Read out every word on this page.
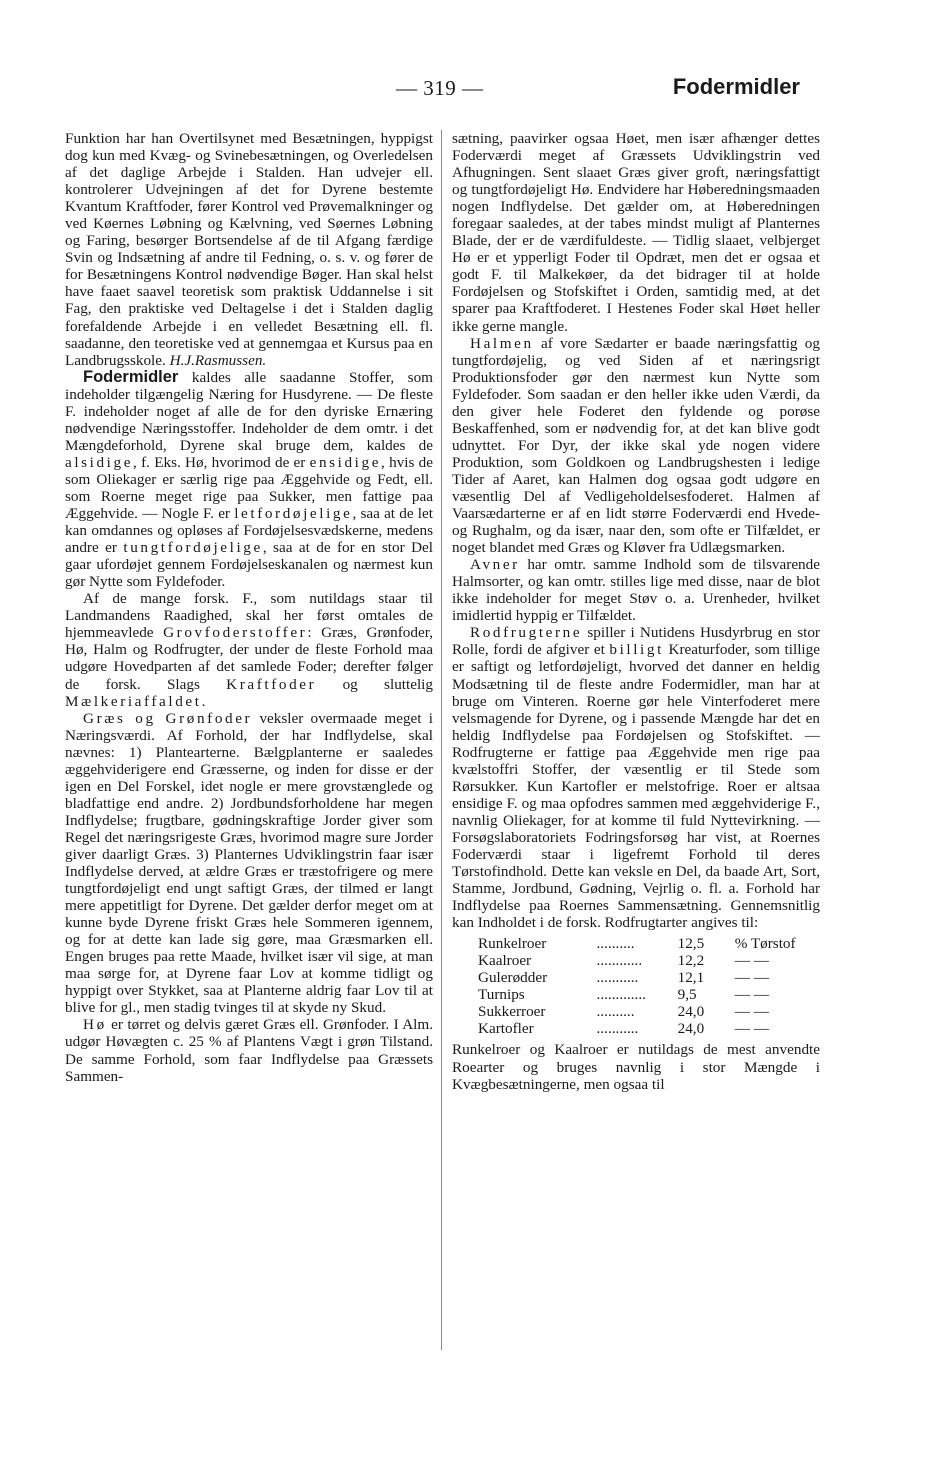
— 319 —	Fodermidler

Funktion har han Overtilsynet med Besætningen, hyppigst dog kun med Kvæg- og Svinebesætningen, og Overledelsen af det daglige Arbejde i Stalden. Han udvejer ell. kontrolerer Udvejningen af det for Dyrene bestemte Kvantum Kraftfoder, fører Kontrol ved Prøvemalkninger og ved Køernes Løbning og Kælvning, ved Søernes Løbning og Faring, besørger Bortsendelse af de til Afgang færdige Svin og Indsætning af andre til Fedning, o. s. v. og fører de for Besætningens Kontrol nødvendige Bøger. Han skal helst have faaet saavel teoretisk som praktisk Uddannelse i sit Fag, den praktiske ved Deltagelse i det i Stalden daglig forefaldende Arbejde i en velledet Besætning ell. fl. saadanne, den teoretiske ved at gennemgaa et Kursus paa en Landbrugsskole. H.J.Rasmussen.

Fodermidler kaldes alle saadanne Stoffer, som indeholder tilgængelig Næring for Husdyrene. — De fleste F. indeholder noget af alle de for den dyriske Ernæring nødvendige Næringsstoffer. Indeholder de dem omtr. i det Mængdeforhold, Dyrene skal bruge dem, kaldes de alsidige, f. Eks. Hø, hvorimod de er ensidige, hvis de som Oliekager er særlig rige paa Æggehvide og Fedt, ell. som Roerne meget rige paa Sukker, men fattige paa Æggehvide. — Nogle F. er letfordøjelige, saa at de let kan omdannes og opløses af Fordøjelsesvædskerne, medens andre er tungtfordøjelige, saa at de for en stor Del gaar ufordøjet gennem Fordøjelseskanalen og nærmest kun gør Nytte som Fyldefoder.

Af de mange forsk. F., som nutildags staar til Landmandens Raadighed, skal her først omtales de hjemmeavlede Grovfoderstoffer: Græs, Grønfoder, Hø, Halm og Rodfrugter, der under de fleste Forhold maa udgøre Hovedparten af det samlede Foder; derefter følger de forsk. Slags Kraftfoder og sluttelig Mælkeriaffaldet.

Græs og Grønfoder veksler overmaade meget i Næringsværdi. Af Forhold, der har Indflydelse, skal nævnes: 1) Plantearterne. Bælgplanterne er saaledes æggehviderigere end Græsserne, og inden for disse er der igen en Del Forskel, idet nogle er mere grovstænglede og bladfattige end andre. 2) Jordbundsforholdene har megen Indflydelse; frugtbare, gødningskraftige Jorder giver som Regel det næringsrigeste Græs, hvorimod magre sure Jorder giver daarligt Græs. 3) Planternes Udviklingstrin faar især Indflydelse derved, at ældre Græs er træstofrigere og mere tungtfordøjeligt end ungt saftigt Græs, der tilmed er langt mere appetitligt for Dyrene. Det gælder derfor meget om at kunne byde Dyrene friskt Græs hele Sommeren igennem, og for at dette kan lade sig gøre, maa Græsmarken ell. Engen bruges paa rette Maade, hvilket især vil sige, at man maa sørge for, at Dyrene faar Lov at komme tidligt og hyppigt over Stykket, saa at Planterne aldrig faar Lov til at blive for gl., men stadig tvinges til at skyde ny Skud.

Hø er tørret og delvis gæret Græs ell. Grønfoder. I Alm. udgør Høvægten c. 25 % af Plantens Vægt i grøn Tilstand. De samme Forhold, som faar Indflydelse paa Græssets Sammen-

sætning, paavirker ogsaa Høet, men især afhænger dettes Foderværdi meget af Græssets Udviklingstrin ved Afhugningen. Sent slaaet Græs giver groft, næringsfattigt og tungtfordøjeligt Hø. Endvidere har Høberedningsmaaden nogen Indflydelse. Det gælder om, at Høberedningen foregaar saaledes, at der tabes mindst muligt af Planternes Blade, der er de værdifuldeste. — Tidlig slaaet, velbjerget Hø er et ypperligt Foder til Opdræt, men det er ogsaa et godt F. til Malkekøer, da det bidrager til at holde Fordøjelsen og Stofskiftet i Orden, samtidig med, at det sparer paa Kraftfoderet. I Hestenes Foder skal Høet heller ikke gerne mangle.

Halmen af vore Sædarter er baade næringsfattig og tungtfordøjelig, og ved Siden af et næringsrigt Produktionsfoder gør den nærmest kun Nytte som Fyldefoder. Som saadan er den heller ikke uden Værdi, da den giver hele Foderet den fyldende og porøse Beskaffenhed, som er nødvendig for, at det kan blive godt udnyttet. For Dyr, der ikke skal yde nogen videre Produktion, som Goldkoen og Landbrugshesten i ledige Tider af Aaret, kan Halmen dog ogsaa godt udgøre en væsentlig Del af Vedligeholdelsesfoderet. Halmen af Vaarsædarterne er af en lidt større Foderværdi end Hvede- og Rughalm, og da især, naar den, som ofte er Tilfældet, er noget blandet med Græs og Kløver fra Udlægsmarken.

Avner har omtr. samme Indhold som de tilsvarende Halmsorter, og kan omtr. stilles lige med disse, naar de blot ikke indeholder for meget Støv o. a. Urenheder, hvilket imidlertid hyppig er Tilfældet.

Rodfrugterne spiller i Nutidens Husdyrbrug en stor Rolle, fordi de afgiver et billigt Kreaturfoder, som tillige er saftigt og letfordøjeligt, hvorved det danner en heldig Modsætning til de fleste andre Fodermidler, man har at bruge om Vinteren. Roerne gør hele Vinterfoderet mere velsmagende for Dyrene, og i passende Mængde har det en heldig Indflydelse paa Fordøjelsen og Stofskiftet. — Rodfrugterne er fattige paa Æggehvide men rige paa kvælstoffri Stoffer, der væsentlig er til Stede som Rørsukker. Kun Kartofler er melstofrige. Roer er altsaa ensidige F. og maa opfodres sammen med æggehviderige F., navnlig Oliekager, for at komme til fuld Nyttevirkning. — Forsøgslaboratoriets Fodringsforsøg har vist, at Roernes Foderværdi staar i ligefremt Forhold til deres Tørstofindhold. Dette kan veksle en Del, da baade Art, Sort, Stamme, Jordbund, Gødning, Vejrlig o. fl. a. Forhold har Indflydelse paa Roernes Sammensætning. Gennemsnitlig kan Indholdet i de forsk. Rodfrugtarter angives til:

Runkelroer	..........	12,5	% Tørstof
Kaalroer	............	12,2	— —
Gulerødder	...........	12,1	— —
Turnips	.............	9,5	— —
Sukkerroer	..........	24,0	— —
Kartofler	...........	24,0	— —

Runkelroer og Kaalroer er nutildags de mest anvendte Roearter og bruges navnlig i stor Mængde i Kvægbesætningerne, men ogsaa til
